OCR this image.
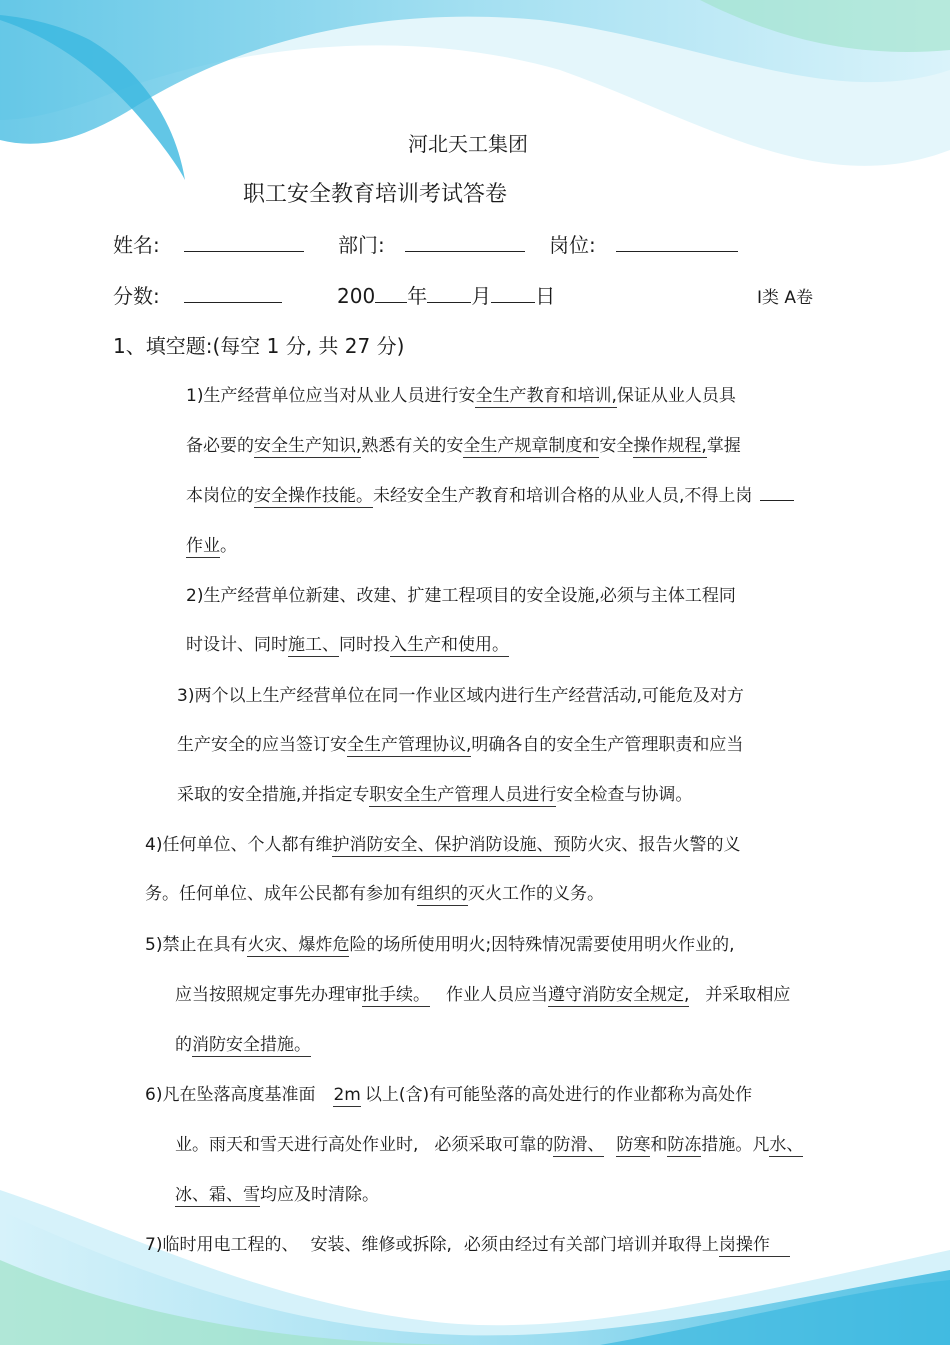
河北天工集团
职工安全教育培训考试答卷
姓名:	部门:	岗位:
分数:	200 年 月 日	I类 A卷
1、填空题:(每空 1 分, 共 27 分)
1)生产经营单位应当对从业人员进行安全生产教育和培训,保证从业人员具
备必要的安全生产知识,熟悉有关的安全生产规章制度和安全操作规程,掌握
本岗位的安全操作技能。未经安全生产教育和培训合格的从业人员,不得上岗
作业。
2)生产经营单位新建、改建、扩建工程项目的安全设施,必须与主体工程同
时设计、同时施工、同时投入生产和使用。
3)两个以上生产经营单位在同一作业区域内进行生产经营活动,可能危及对方
生产安全的应当签订安全生产管理协议,明确各自的安全生产管理职责和应当
采取的安全措施,并指定专职安全生产管理人员进行安全检查与协调。
4)任何单位、个人都有维护消防安全、保护消防设施、预防火灾、报告火警的义
务。任何单位、成年公民都有参加有组织的灭火工作的义务。
5)禁止在具有火灾、爆炸危险的场所使用明火;因特殊情况需要使用明火作业的,
应当按照规定事先办理审批手续。 作业人员应当遵守消防安全规定, 并采取相应
的消防安全措施。
6)凡在坠落高度基准面 2m 以上(含)有可能坠落的高处进行的作业都称为高处作
业。雨天和雪天进行高处作业时, 必须采取可靠的防滑、 防寒和防冻措施。凡水、
冰、霜、雪均应及时清除。
7)临时用电工程的、 安装、维修或拆除, 必须由经过有关部门培训并取得上岗操作
